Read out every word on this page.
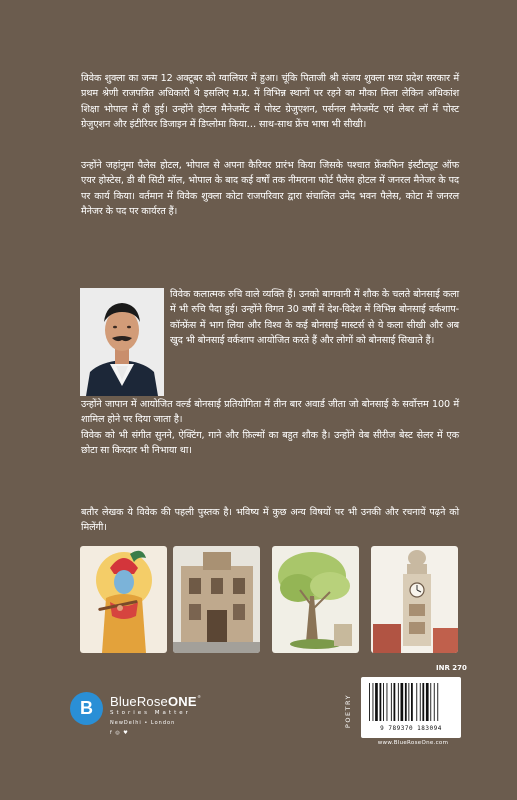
विवेक शुक्ला का जन्म 12 अक्टूबर को ग्वालियर में हुआ। चूंकि पिताजी श्री संजय शुक्ला मध्य प्रदेश सरकार में प्रथम श्रेणी राजपत्रित अधिकारी थे इसलिए म.प्र. में विभिन्न स्थानों पर रहने का मौका मिला लेकिन अधिकांश शिक्षा भोपाल में ही हुई। उन्होंने होटल मैनेजमेंट में पोस्ट ग्रेजुएशन, पर्सनल मैनेजमेंट एवं लेबर लॉ में पोस्ट ग्रेजुएशन और इंटीरियर डिजाइन में डिप्लोमा किया… साथ-साथ फ्रेंच भाषा भी सीखी।
उन्होंने जहांनुमा पैलेस होटल, भोपाल से अपना कैरियर प्रारंभ किया जिसके पश्चात फ्रेंकफिन इंस्टीट्यूट ऑफ एयर होस्टेस, डी बी सिटी मॉल, भोपाल के बाद कई वर्षों तक नीमराना फोर्ट पैलेस होटल में जनरल मैनेजर के पद पर कार्य किया। वर्तमान में विवेक शुक्ला कोटा राजपरिवार द्वारा संचालित उमेद भवन पैलेस, कोटा में जनरल मैनेजर के पद पर कार्यरत हैं।
विवेक कलात्मक रुचि वाले व्यक्ति हैं। उनको बागवानी में शौक के चलते बोनसाई कला में भी रुचि पैदा हुई। उन्होंने विगत 30 वर्षों में देश-विदेश में विभिन्न बोनसाई वर्कशाप-कॉन्फ्रेंस में भाग लिया और विश्व के कई बोनसाई मास्टर्स से ये कला सीखी और अब खुद भी बोनसाई वर्कशाप आयोजित करते हैं और लोगों को बोनसाई सिखाते हैं।
उन्होंने जापान में आयोजित वर्ल्ड बोनसाई प्रतियोगिता में तीन बार अवार्ड जीता जो बोनसाई के सर्वोत्तम 100 में शामिल होने पर दिया जाता है।
विवेक को भी संगीत सुनने, ऐक्टिंग, गाने और फ़िल्मों का बहुत शौक है। उन्होंने वेब सीरीज बेस्ट सेलर में एक छोटा सा किरदार भी निभाया था।
बतौर लेखक ये विवेक की पहली पुस्तक है। भविष्य में कुछ अन्य विषयों पर भी उनकी और रचनायें पढ़ने को मिलेंगी।
INR 270
B	BlueRoseONE®
Stories Matter
NewDelhi • London
f ◎ ♥
POETRY
9 789370 183094
www.BlueRoseOne.com
